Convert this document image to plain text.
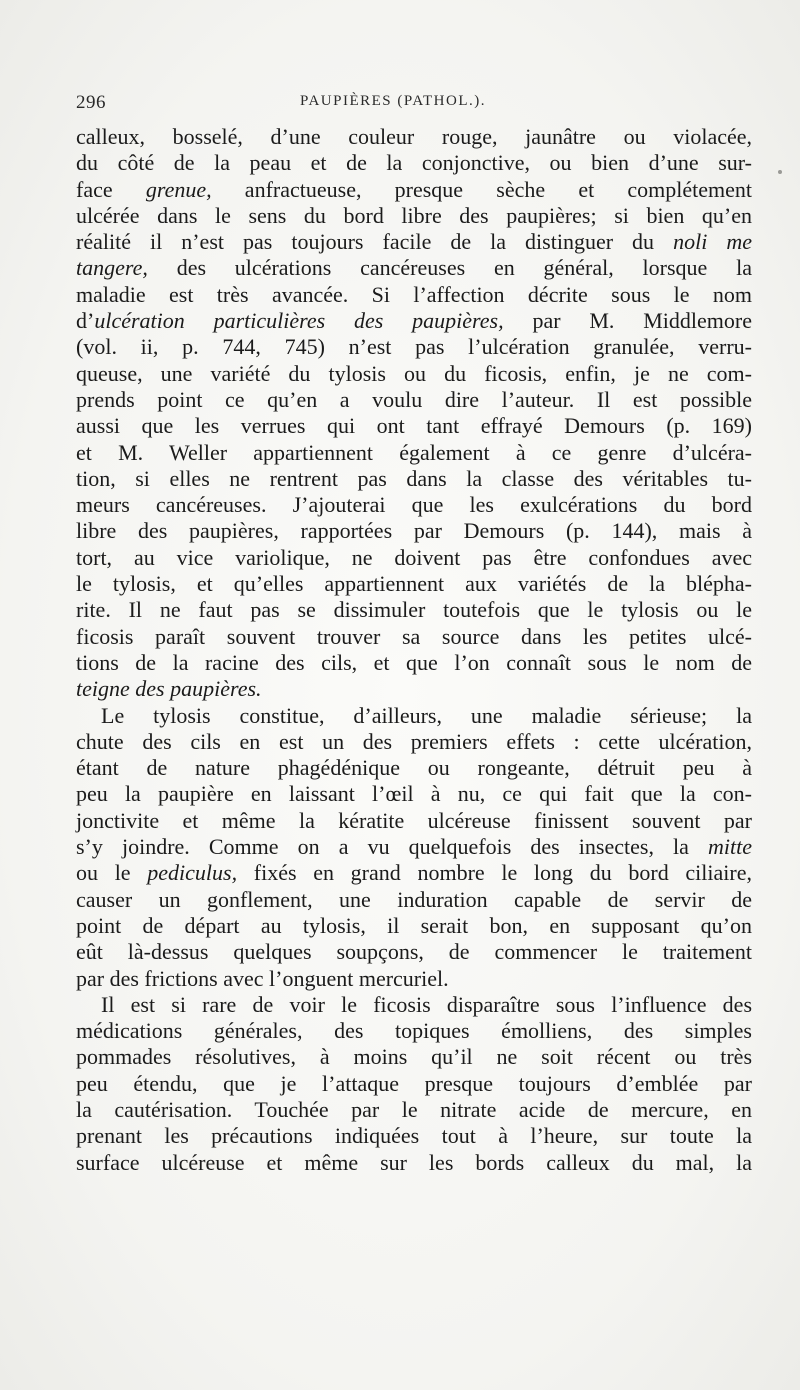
296	PAUPIÈRES (PATHOL.).
calleux, bosselé, d’une couleur rouge, jaunâtre ou violacée,
du côté de la peau et de la conjonctive, ou bien d’une sur-
face grenue, anfractueuse, presque sèche et complétement
ulcérée dans le sens du bord libre des paupières; si bien qu’en
réalité il n’est pas toujours facile de la distinguer du noli me
tangere, des ulcérations cancéreuses en général, lorsque la
maladie est très avancée. Si l’affection décrite sous le nom
d’ulcération particulières des paupières, par M. Middlemore
(vol. ii, p. 744, 745) n’est pas l’ulcération granulée, verru-
queuse, une variété du tylosis ou du ficosis, enfin, je ne com-
prends point ce qu’en a voulu dire l’auteur. Il est possible
aussi que les verrues qui ont tant effrayé Demours (p. 169)
et M. Weller appartiennent également à ce genre d’ulcéra-
tion, si elles ne rentrent pas dans la classe des véritables tu-
meurs cancéreuses. J’ajouterai que les exulcérations du bord
libre des paupières, rapportées par Demours (p. 144), mais à
tort, au vice variolique, ne doivent pas être confondues avec
le tylosis, et qu’elles appartiennent aux variétés de la blépha-
rite. Il ne faut pas se dissimuler toutefois que le tylosis ou le
ficosis paraît souvent trouver sa source dans les petites ulcé-
tions de la racine des cils, et que l’on connaît sous le nom de
teigne des paupières.
Le tylosis constitue, d’ailleurs, une maladie sérieuse; la
chute des cils en est un des premiers effets : cette ulcération,
étant de nature phagédénique ou rongeante, détruit peu à
peu la paupière en laissant l’œil à nu, ce qui fait que la con-
jonctivite et même la kératite ulcéreuse finissent souvent par
s’y joindre. Comme on a vu quelquefois des insectes, la mitte
ou le pediculus, fixés en grand nombre le long du bord ciliaire,
causer un gonflement, une induration capable de servir de
point de départ au tylosis, il serait bon, en supposant qu’on
eût là-dessus quelques soupçons, de commencer le traitement
par des frictions avec l’onguent mercuriel.
Il est si rare de voir le ficosis disparaître sous l’influence des
médications générales, des topiques émolliens, des simples
pommades résolutives, à moins qu’il ne soit récent ou très
peu étendu, que je l’attaque presque toujours d’emblée par
la cautérisation. Touchée par le nitrate acide de mercure, en
prenant les précautions indiquées tout à l’heure, sur toute la
surface ulcéreuse et même sur les bords calleux du mal, la
